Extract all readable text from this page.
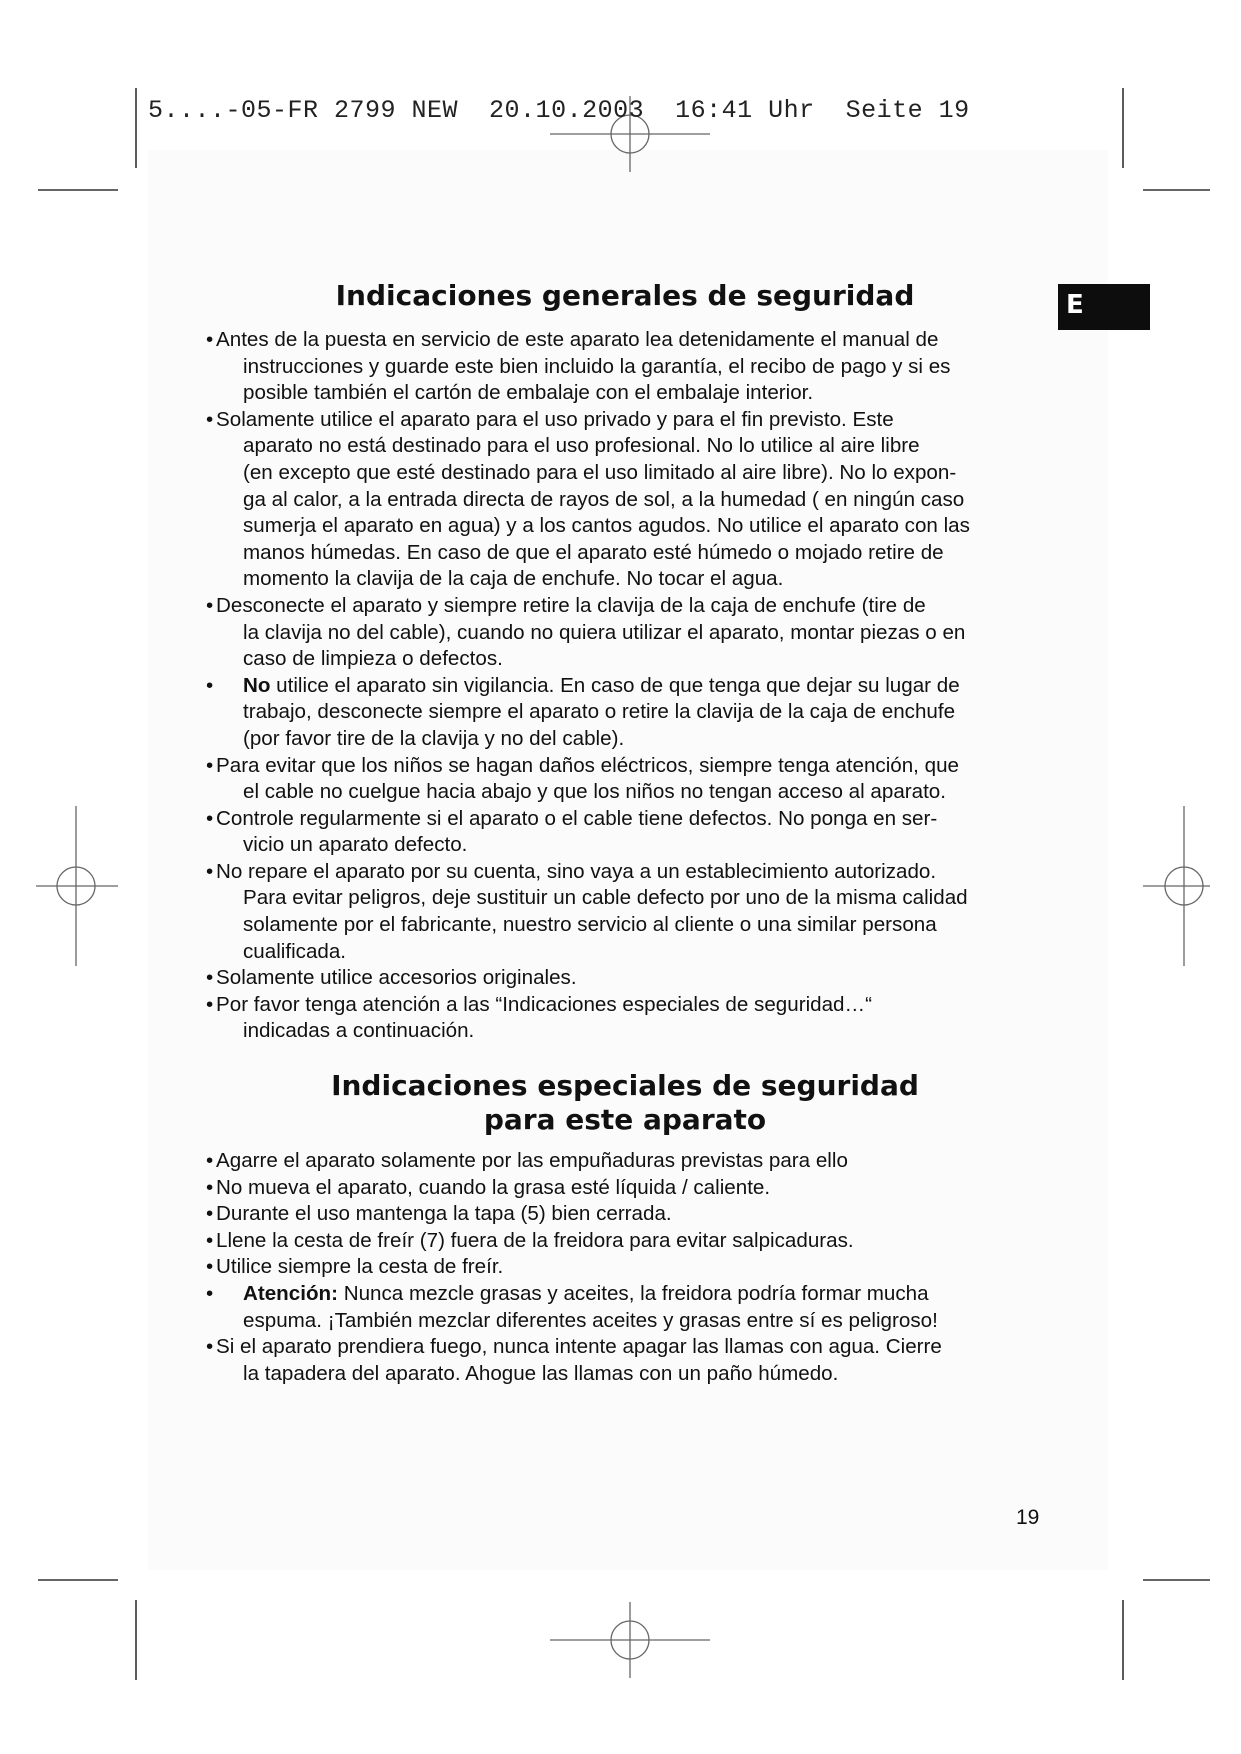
5....-05-FR 2799 NEW  20.10.2003  16:41 Uhr  Seite 19
E
Indicaciones generales de seguridad
• Antes de la puesta en servicio de este aparato lea detenidamente el manual de
instrucciones y guarde este bien incluido la garantía, el recibo de pago y si es
posible también el cartón de embalaje con el embalaje interior.
• Solamente utilice el aparato para el uso privado y para el fin previsto. Este
aparato no está destinado para el uso profesional. No lo utilice al aire libre
(en excepto que esté destinado para el uso limitado al aire libre). No lo expon-
ga al calor, a la entrada directa de rayos de sol, a la humedad ( en ningún caso
sumerja el aparato en agua) y a los cantos agudos. No utilice el aparato con las
manos húmedas. En caso de que el aparato esté húmedo o mojado retire de
momento la clavija de la caja de enchufe. No tocar el agua.
• Desconecte el aparato y siempre retire la clavija de la caja de enchufe (tire de
la clavija no del cable), cuando no quiera utilizar el aparato, montar piezas o en
caso de limpieza o defectos.
• No utilice el aparato sin vigilancia. En caso de que tenga que dejar su lugar de
trabajo, desconecte siempre el aparato o retire la clavija de la caja de enchufe
(por favor tire de la clavija y no del cable).
• Para evitar que los niños se hagan daños eléctricos, siempre tenga atención, que
el cable no cuelgue hacia abajo y que los niños no tengan acceso al aparato.
• Controle regularmente si el aparato o el cable tiene defectos. No ponga en ser-
vicio un aparato defecto.
• No repare el aparato por su cuenta, sino vaya a un establecimiento autorizado.
Para evitar peligros, deje sustituir un cable defecto por uno de la misma calidad
solamente por el fabricante, nuestro servicio al cliente o una similar persona
cualificada.
• Solamente utilice accesorios originales.
• Por favor tenga atención a las “Indicaciones especiales de seguridad…“
indicadas a continuación.
Indicaciones especiales de seguridad
para este aparato
• Agarre el aparato solamente por las empuñaduras previstas para ello
• No mueva el aparato, cuando la grasa esté líquida / caliente.
• Durante el uso mantenga la tapa (5) bien cerrada.
• Llene la cesta de freír (7) fuera de la freidora para evitar salpicaduras.
• Utilice siempre la cesta de freír.
• Atención: Nunca mezcle grasas y aceites, la freidora podría formar mucha
espuma. ¡También mezclar diferentes aceites y grasas entre sí es peligroso!
• Si el aparato prendiera fuego, nunca intente apagar las llamas con agua. Cierre
la tapadera del aparato. Ahogue las llamas con un paño húmedo.
19
